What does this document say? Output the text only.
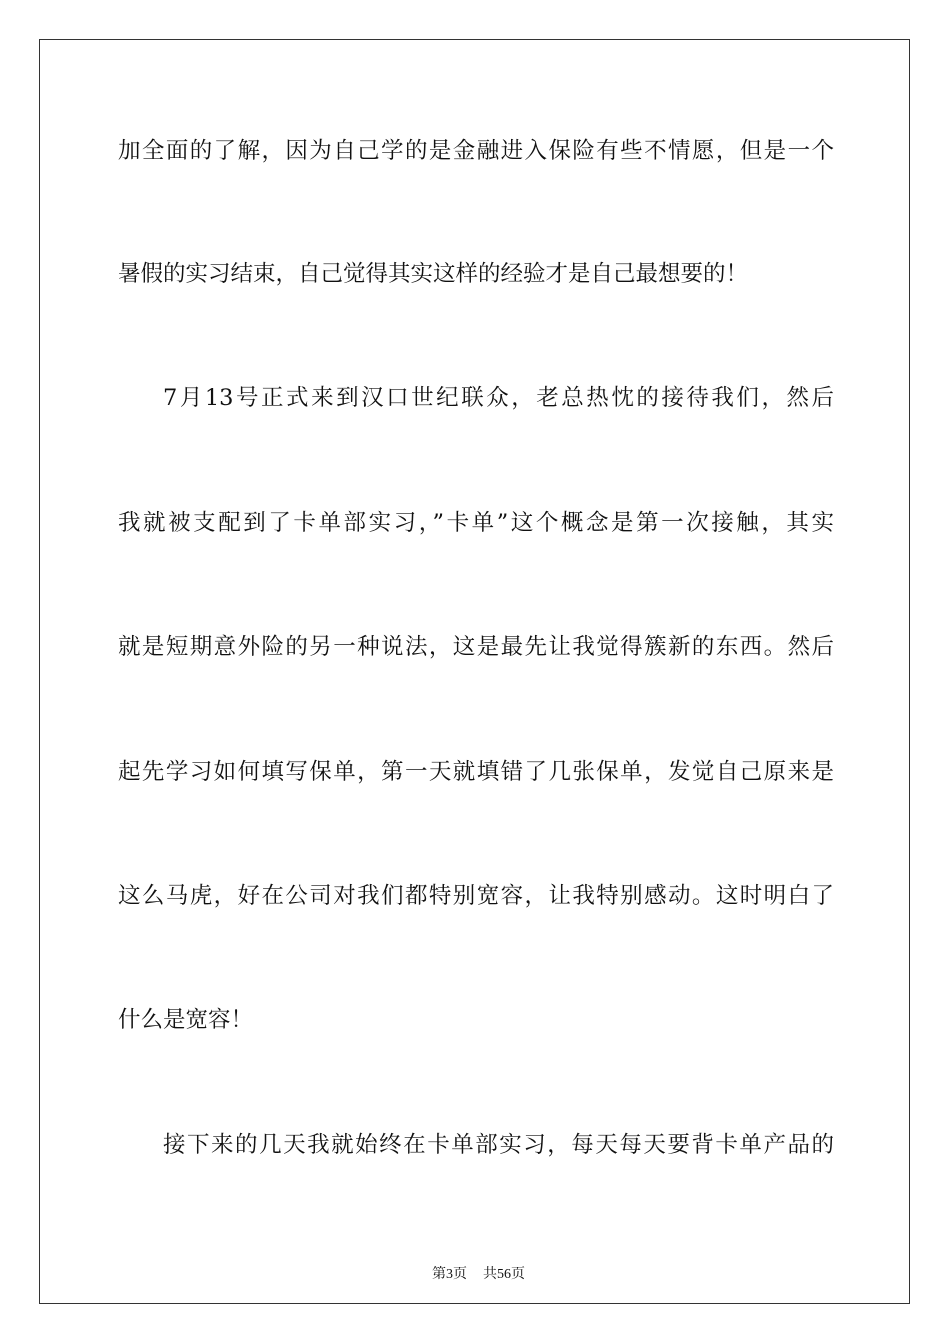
加全面的了解，因为自己学的是金融进入保险有些不情愿，但是一个
暑假的实习结束，自己觉得其实这样的经验才是自己最想要的！
7月13号正式来到汉口世纪联众，老总热忱的接待我们，然后
我就被支配到了卡单部实习，”卡单”这个概念是第一次接触，其实
就是短期意外险的另一种说法，这是最先让我觉得簇新的东西。然后
起先学习如何填写保单，第一天就填错了几张保单，发觉自己原来是
这么马虎，好在公司对我们都特别宽容，让我特别感动。这时明白了
什么是宽容！
接下来的几天我就始终在卡单部实习，每天每天要背卡单产品的

第3页 共56页
